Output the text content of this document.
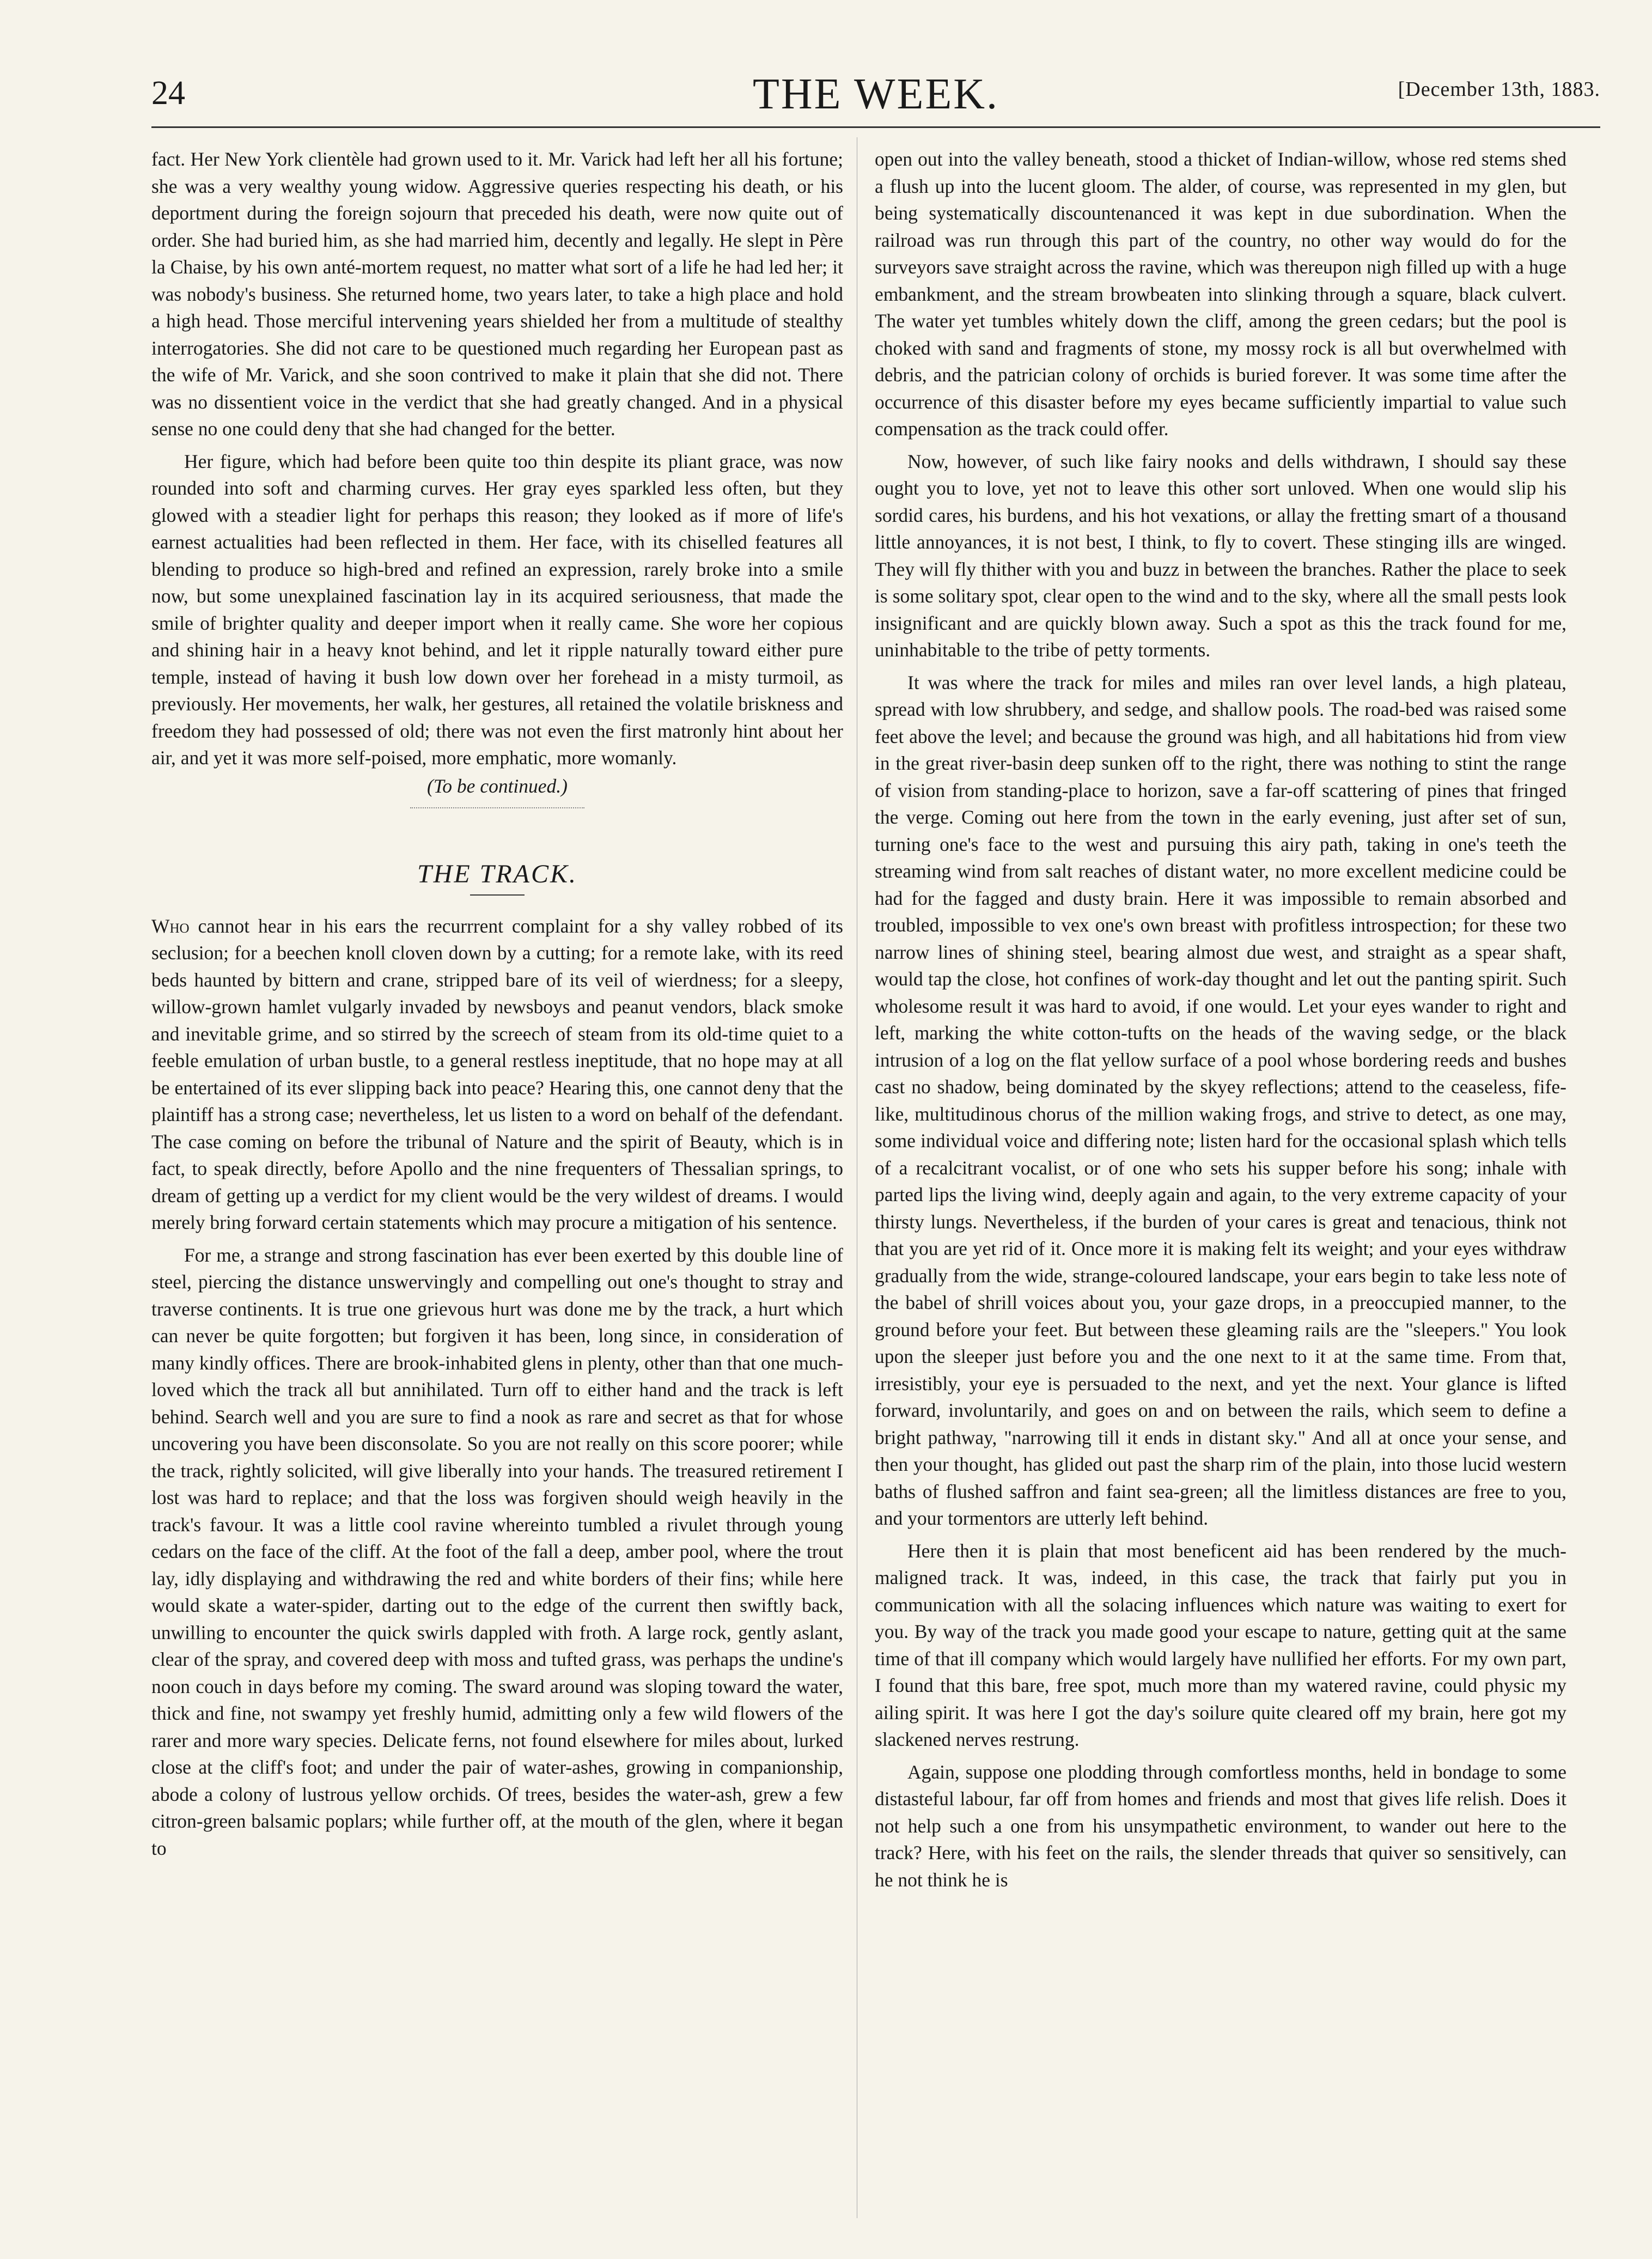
24	THE WEEK.	[December 13th, 1883.

fact. Her New York clientèle had grown used to it. Mr. Varick had left her all his fortune; she was a very wealthy young widow. Aggressive queries respecting his death, or his deportment during the foreign sojourn that preceded his death, were now quite out of order. She had buried him, as she had married him, decently and legally. He slept in Père la Chaise, by his own anté-mortem request, no matter what sort of a life he had led her; it was nobody's business. She returned home, two years later, to take a high place and hold a high head. Those merciful intervening years shielded her from a multitude of stealthy interrogatories. She did not care to be questioned much regarding her European past as the wife of Mr. Varick, and she soon contrived to make it plain that she did not. There was no dissentient voice in the verdict that she had greatly changed. And in a physical sense no one could deny that she had changed for the better.

Her figure, which had before been quite too thin despite its pliant grace, was now rounded into soft and charming curves. Her gray eyes sparkled less often, but they glowed with a steadier light for perhaps this reason; they looked as if more of life's earnest actualities had been reflected in them. Her face, with its chiselled features all blending to produce so high-bred and refined an expression, rarely broke into a smile now, but some unexplained fascination lay in its acquired seriousness, that made the smile of brighter quality and deeper import when it really came. She wore her copious and shining hair in a heavy knot behind, and let it ripple naturally toward either pure temple, instead of having it bush low down over her forehead in a misty turmoil, as previously. Her movements, her walk, her gestures, all retained the volatile briskness and freedom they had possessed of old; there was not even the first matronly hint about her air, and yet it was more self-poised, more emphatic, more womanly.

(To be continued.)

THE TRACK.

Who cannot hear in his ears the recurrrent complaint for a shy valley robbed of its seclusion; for a beechen knoll cloven down by a cutting; for a remote lake, with its reed beds haunted by bittern and crane, stripped bare of its veil of wierdness; for a sleepy, willow-grown hamlet vulgarly invaded by newsboys and peanut vendors, black smoke and inevitable grime, and so stirred by the screech of steam from its old-time quiet to a feeble emulation of urban bustle, to a general restless ineptitude, that no hope may at all be entertained of its ever slipping back into peace? Hearing this, one cannot deny that the plaintiff has a strong case; nevertheless, let us listen to a word on behalf of the defendant. The case coming on before the tribunal of Nature and the spirit of Beauty, which is in fact, to speak directly, before Apollo and the nine frequenters of Thessalian springs, to dream of getting up a verdict for my client would be the very wildest of dreams. I would merely bring forward certain statements which may procure a mitigation of his sentence.

For me, a strange and strong fascination has ever been exerted by this double line of steel, piercing the distance unswervingly and compelling out one's thought to stray and traverse continents. It is true one grievous hurt was done me by the track, a hurt which can never be quite forgotten; but forgiven it has been, long since, in consideration of many kindly offices. There are brook-inhabited glens in plenty, other than that one much-loved which the track all but annihilated. Turn off to either hand and the track is left behind. Search well and you are sure to find a nook as rare and secret as that for whose uncovering you have been disconsolate. So you are not really on this score poorer; while the track, rightly solicited, will give liberally into your hands. The treasured retirement I lost was hard to replace; and that the loss was forgiven should weigh heavily in the track's favour. It was a little cool ravine whereinto tumbled a rivulet through young cedars on the face of the cliff. At the foot of the fall a deep, amber pool, where the trout lay, idly displaying and withdrawing the red and white borders of their fins; while here would skate a water-spider, darting out to the edge of the current then swiftly back, unwilling to encounter the quick swirls dappled with froth. A large rock, gently aslant, clear of the spray, and covered deep with moss and tufted grass, was perhaps the undine's noon couch in days before my coming. The sward around was sloping toward the water, thick and fine, not swampy yet freshly humid, admitting only a few wild flowers of the rarer and more wary species. Delicate ferns, not found elsewhere for miles about, lurked close at the cliff's foot; and under the pair of water-ashes, growing in companionship, abode a colony of lustrous yellow orchids. Of trees, besides the water-ash, grew a few citron-green balsamic poplars; while further off, at the mouth of the glen, where it began to

open out into the valley beneath, stood a thicket of Indian-willow, whose red stems shed a flush up into the lucent gloom. The alder, of course, was represented in my glen, but being systematically discountenanced it was kept in due subordination. When the railroad was run through this part of the country, no other way would do for the surveyors save straight across the ravine, which was thereupon nigh filled up with a huge embankment, and the stream browbeaten into slinking through a square, black culvert. The water yet tumbles whitely down the cliff, among the green cedars; but the pool is choked with sand and fragments of stone, my mossy rock is all but overwhelmed with debris, and the patrician colony of orchids is buried forever. It was some time after the occurrence of this disaster before my eyes became sufficiently impartial to value such compensation as the track could offer.

Now, however, of such like fairy nooks and dells withdrawn, I should say these ought you to love, yet not to leave this other sort unloved. When one would slip his sordid cares, his burdens, and his hot vexations, or allay the fretting smart of a thousand little annoyances, it is not best, I think, to fly to covert. These stinging ills are winged. They will fly thither with you and buzz in between the branches. Rather the place to seek is some solitary spot, clear open to the wind and to the sky, where all the small pests look insignificant and are quickly blown away. Such a spot as this the track found for me, uninhabitable to the tribe of petty torments.

It was where the track for miles and miles ran over level lands, a high plateau, spread with low shrubbery, and sedge, and shallow pools. The road-bed was raised some feet above the level; and because the ground was high, and all habitations hid from view in the great river-basin deep sunken off to the right, there was nothing to stint the range of vision from standing-place to horizon, save a far-off scattering of pines that fringed the verge. Coming out here from the town in the early evening, just after set of sun, turning one's face to the west and pursuing this airy path, taking in one's teeth the streaming wind from salt reaches of distant water, no more excellent medicine could be had for the fagged and dusty brain. Here it was impossible to remain absorbed and troubled, impossible to vex one's own breast with profitless introspection; for these two narrow lines of shining steel, bearing almost due west, and straight as a spear shaft, would tap the close, hot confines of work-day thought and let out the panting spirit. Such wholesome result it was hard to avoid, if one would. Let your eyes wander to right and left, marking the white cotton-tufts on the heads of the waving sedge, or the black intrusion of a log on the flat yellow surface of a pool whose bordering reeds and bushes cast no shadow, being dominated by the skyey reflections; attend to the ceaseless, fife-like, multitudinous chorus of the million waking frogs, and strive to detect, as one may, some individual voice and differing note; listen hard for the occasional splash which tells of a recalcitrant vocalist, or of one who sets his supper before his song; inhale with parted lips the living wind, deeply again and again, to the very extreme capacity of your thirsty lungs. Nevertheless, if the burden of your cares is great and tenacious, think not that you are yet rid of it. Once more it is making felt its weight; and your eyes withdraw gradually from the wide, strange-coloured landscape, your ears begin to take less note of the babel of shrill voices about you, your gaze drops, in a preoccupied manner, to the ground before your feet. But between these gleaming rails are the "sleepers." You look upon the sleeper just before you and the one next to it at the same time. From that, irresistibly, your eye is persuaded to the next, and yet the next. Your glance is lifted forward, involuntarily, and goes on and on between the rails, which seem to define a bright pathway, "narrowing till it ends in distant sky." And all at once your sense, and then your thought, has glided out past the sharp rim of the plain, into those lucid western baths of flushed saffron and faint sea-green; all the limitless distances are free to you, and your tormentors are utterly left behind.

Here then it is plain that most beneficent aid has been rendered by the much-maligned track. It was, indeed, in this case, the track that fairly put you in communication with all the solacing influences which nature was waiting to exert for you. By way of the track you made good your escape to nature, getting quit at the same time of that ill company which would largely have nullified her efforts. For my own part, I found that this bare, free spot, much more than my watered ravine, could physic my ailing spirit. It was here I got the day's soilure quite cleared off my brain, here got my slackened nerves restrung.

Again, suppose one plodding through comfortless months, held in bondage to some distasteful labour, far off from homes and friends and most that gives life relish. Does it not help such a one from his unsympathetic environment, to wander out here to the track? Here, with his feet on the rails, the slender threads that quiver so sensitively, can he not think he is
